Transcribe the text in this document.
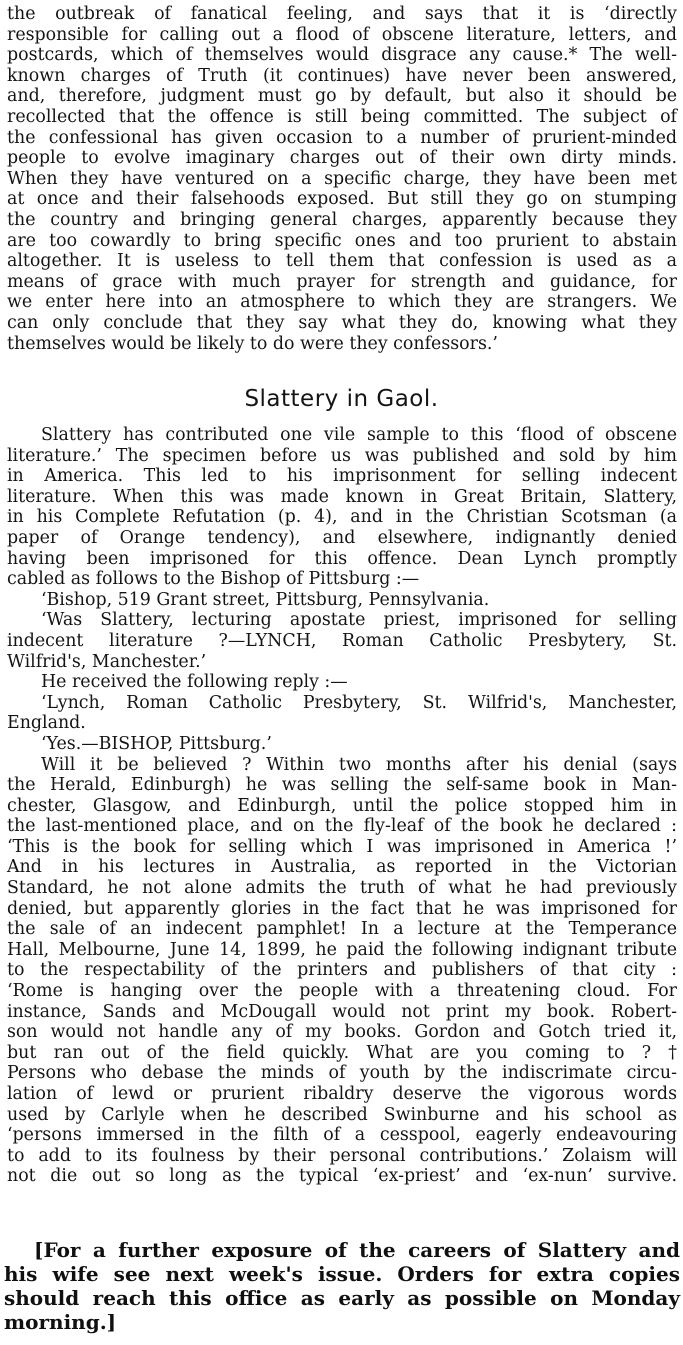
the outbreak of fanatical feeling, and says that it is ‘directly
responsible for calling out a flood of obscene literature, letters, and
postcards, which of themselves would disgrace any cause.* The well-
known charges of Truth (it continues) have never been answered,
and, therefore, judgment must go by default, but also it should be
recollected that the offence is still being committed. The subject of
the confessional has given occasion to a number of prurient-minded
people to evolve imaginary charges out of their own dirty minds.
When they have ventured on a specific charge, they have been met
at once and their falsehoods exposed. But still they go on stumping
the country and bringing general charges, apparently because they
are too cowardly to bring specific ones and too prurient to abstain
altogether. It is useless to tell them that confession is used as a
means of grace with much prayer for strength and guidance, for
we enter here into an atmosphere to which they are strangers. We
can only conclude that they say what they do, knowing what they
themselves would be likely to do were they confessors.’
Slattery in Gaol.
Slattery has contributed one vile sample to this ‘flood of obscene
literature.’ The specimen before us was published and sold by him
in America. This led to his imprisonment for selling indecent
literature. When this was made known in Great Britain, Slattery,
in his Complete Refutation (p. 4), and in the Christian Scotsman (a
paper of Orange tendency), and elsewhere, indignantly denied
having been imprisoned for this offence. Dean Lynch promptly
cabled as follows to the Bishop of Pittsburg :—
‘Bishop, 519 Grant street, Pittsburg, Pennsylvania.
‘Was Slattery, lecturing apostate priest, imprisoned for selling
indecent literature ?—LYNCH, Roman Catholic Presbytery, St.
Wilfrid's, Manchester.’
He received the following reply :—
‘Lynch, Roman Catholic Presbytery, St. Wilfrid's, Manchester,
England.
‘Yes.—BISHOP, Pittsburg.’
Will it be believed ? Within two months after his denial (says
the Herald, Edinburgh) he was selling the self-same book in Man-
chester, Glasgow, and Edinburgh, until the police stopped him in
the last-mentioned place, and on the fly-leaf of the book he declared :
‘This is the book for selling which I was imprisoned in America !’
And in his lectures in Australia, as reported in the Victorian
Standard, he not alone admits the truth of what he had previously
denied, but apparently glories in the fact that he was imprisoned for
the sale of an indecent pamphlet! In a lecture at the Temperance
Hall, Melbourne, June 14, 1899, he paid the following indignant tribute
to the respectability of the printers and publishers of that city :
‘Rome is hanging over the people with a threatening cloud. For
instance, Sands and McDougall would not print my book. Robert-
son would not handle any of my books. Gordon and Gotch tried it,
but ran out of the field quickly. What are you coming to ? †
Persons who debase the minds of youth by the indiscrimate circu-
lation of lewd or prurient ribaldry deserve the vigorous words
used by Carlyle when he described Swinburne and his school as
‘persons immersed in the filth of a cesspool, eagerly endeavouring
to add to its foulness by their personal contributions.’ Zolaism will
not die out so long as the typical ‘ex-priest’ and ‘ex-nun’ survive.
[For a further exposure of the careers of Slattery and
his wife see next week's issue. Orders for extra copies
should reach this office as early as possible on Monday
morning.]
